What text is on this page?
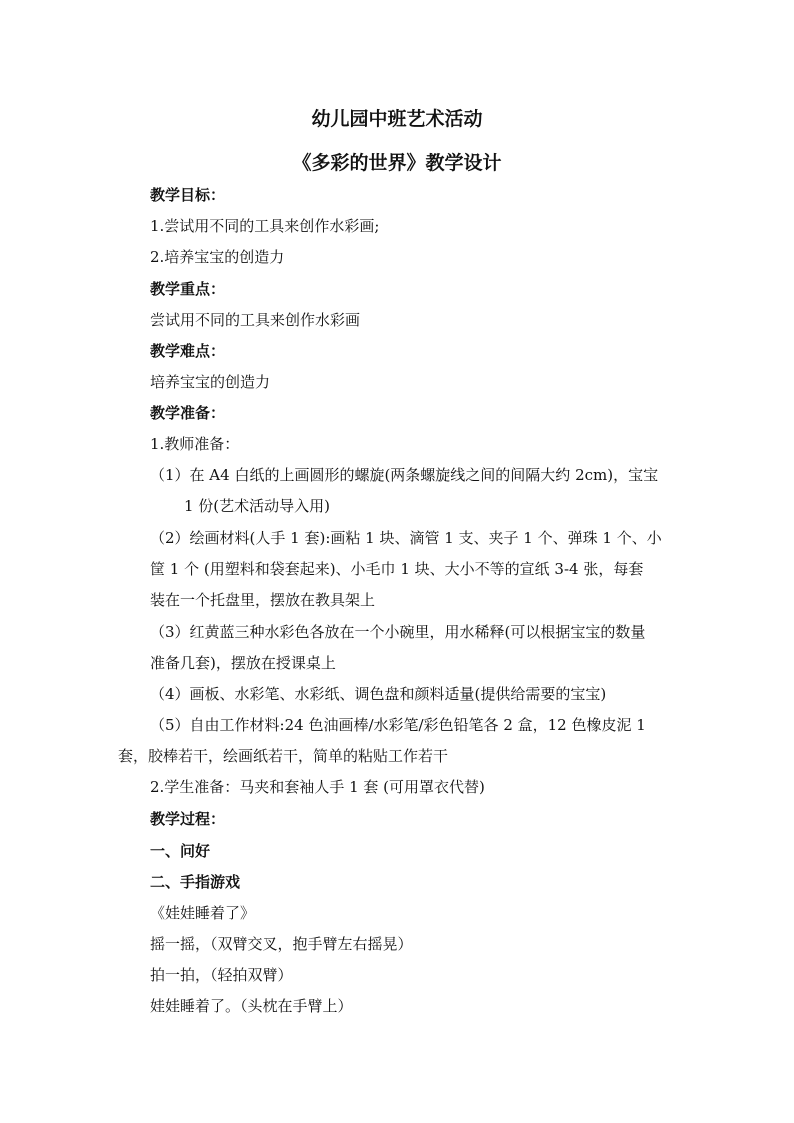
幼儿园中班艺术活动
《多彩的世界》教学设计
教学目标：
1.尝试用不同的工具来创作水彩画;
2.培养宝宝的创造力
教学重点：
尝试用不同的工具来创作水彩画
教学难点：
培养宝宝的创造力
教学准备：
1.教师准备：
（1）在 A4 白纸的上画圆形的螺旋(两条螺旋线之间的间隔大约 2cm)，宝宝
1 份(艺术活动导入用)
（2）绘画材料(人手 1 套):画粘 1 块、滴管 1 支、夹子 1 个、弹珠 1 个、小
筐 1 个 (用塑料和袋套起来)、小毛巾 1 块、大小不等的宣纸 3-4 张，每套
装在一个托盘里，摆放在教具架上
（3）红黄蓝三种水彩色各放在一个小碗里，用水稀释(可以根据宝宝的数量
准备几套)，摆放在授课桌上
（4）画板、水彩笔、水彩纸、调色盘和颜料适量(提供给需要的宝宝)
（5）自由工作材料:24 色油画棒/水彩笔/彩色铅笔各 2 盒，12 色橡皮泥 1
套，胶棒若干，绘画纸若干，简单的粘贴工作若干
2.学生准备：马夹和套袖人手 1 套 (可用罩衣代替)
教学过程：
一、问好
二、手指游戏
《娃娃睡着了》
摇一摇，（双臂交叉，抱手臂左右摇晃）
拍一拍，（轻拍双臂）
娃娃睡着了。（头枕在手臂上）
